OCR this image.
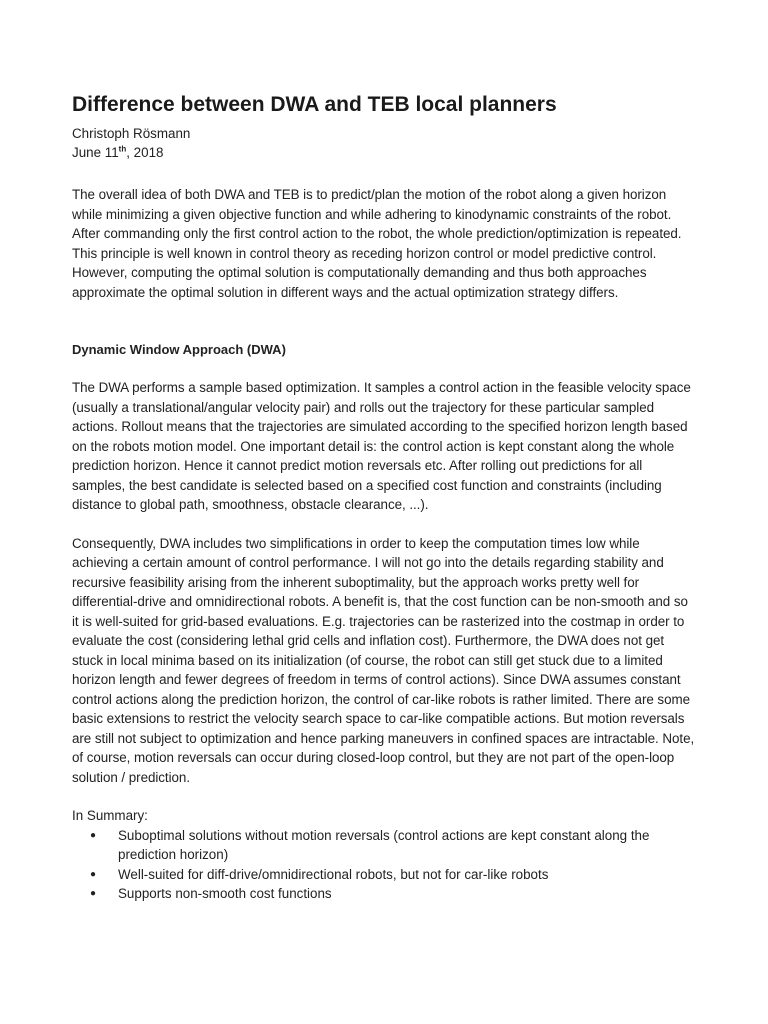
Difference between DWA and TEB local planners

Christoph Rösmann

June 11th, 2018

The overall idea of both DWA and TEB is to predict/plan the motion of the robot along a given horizon while minimizing a given objective function and while adhering to kinodynamic constraints of the robot. After commanding only the first control action to the robot, the whole prediction/optimization is repeated. This principle is well known in control theory as receding horizon control or model predictive control. However, computing the optimal solution is computationally demanding and thus both approaches approximate the optimal solution in different ways and the actual optimization strategy differs.

Dynamic Window Approach (DWA)

The DWA performs a sample based optimization. It samples a control action in the feasible velocity space (usually a translational/angular velocity pair) and rolls out the trajectory for these particular sampled actions. Rollout means that the trajectories are simulated according to the specified horizon length based on the robots motion model. One important detail is: the control action is kept constant along the whole prediction horizon. Hence it cannot predict motion reversals etc. After rolling out predictions for all samples, the best candidate is selected based on a specified cost function and constraints (including distance to global path, smoothness, obstacle clearance, ...).

Consequently, DWA includes two simplifications in order to keep the computation times low while achieving a certain amount of control performance. I will not go into the details regarding stability and recursive feasibility arising from the inherent suboptimality, but the approach works pretty well for differential-drive and omnidirectional robots. A benefit is, that the cost function can be non-smooth and so it is well-suited for grid-based evaluations. E.g. trajectories can be rasterized into the costmap in order to evaluate the cost (considering lethal grid cells and inflation cost). Furthermore, the DWA does not get stuck in local minima based on its initialization (of course, the robot can still get stuck due to a limited horizon length and fewer degrees of freedom in terms of control actions). Since DWA assumes constant control actions along the prediction horizon, the control of car-like robots is rather limited. There are some basic extensions to restrict the velocity search space to car-like compatible actions. But motion reversals are still not subject to optimization and hence parking maneuvers in confined spaces are intractable. Note, of course, motion reversals can occur during closed-loop control, but they are not part of the open-loop solution / prediction.

In Summary:

● Suboptimal solutions without motion reversals (control actions are kept constant along the prediction horizon)
● Well-suited for diff-drive/omnidirectional robots, but not for car-like robots
● Supports non-smooth cost functions
